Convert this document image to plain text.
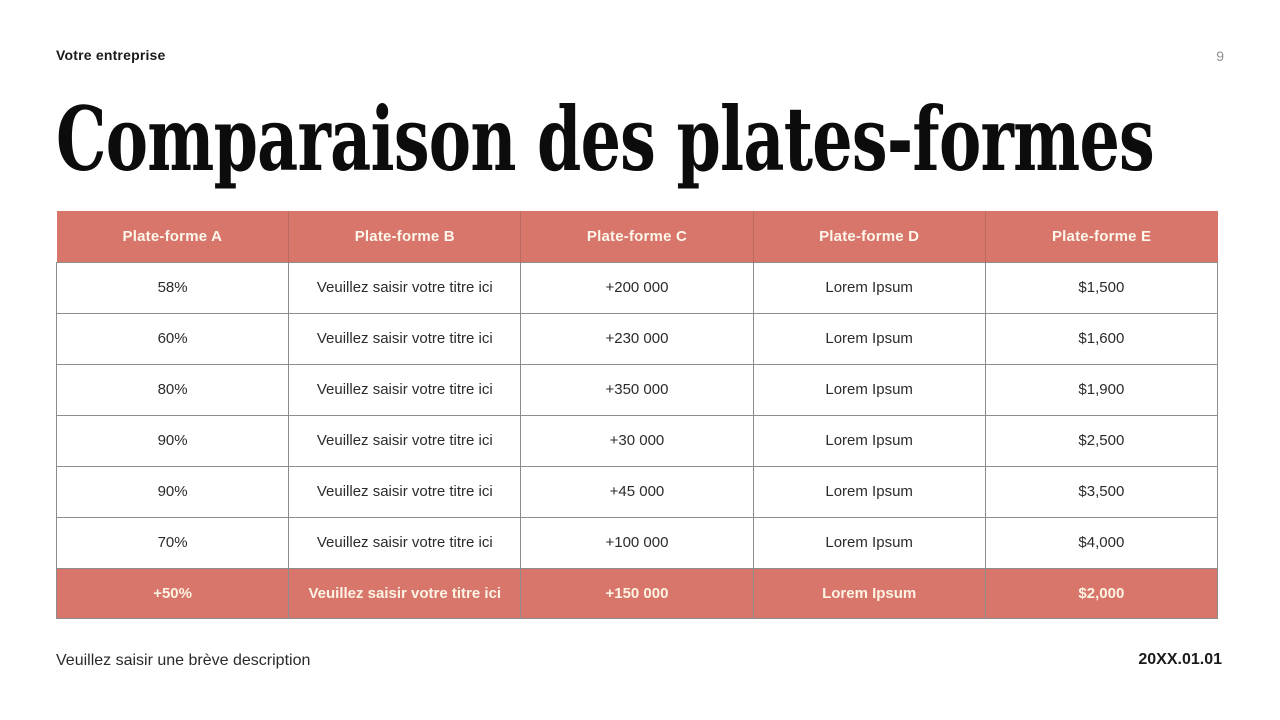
Votre entreprise	9
Comparaison des plates-formes
Plate-forme A	Plate-forme B	Plate-forme C	Plate-forme D	Plate-forme E
58%	Veuillez saisir votre titre ici	+200 000	Lorem Ipsum	$1,500
60%	Veuillez saisir votre titre ici	+230 000	Lorem Ipsum	$1,600
80%	Veuillez saisir votre titre ici	+350 000	Lorem Ipsum	$1,900
90%	Veuillez saisir votre titre ici	+30 000	Lorem Ipsum	$2,500
90%	Veuillez saisir votre titre ici	+45 000	Lorem Ipsum	$3,500
70%	Veuillez saisir votre titre ici	+100 000	Lorem Ipsum	$4,000
+50%	Veuillez saisir votre titre ici	+150 000	Lorem Ipsum	$2,000
Veuillez saisir une brève description	20XX.01.01
